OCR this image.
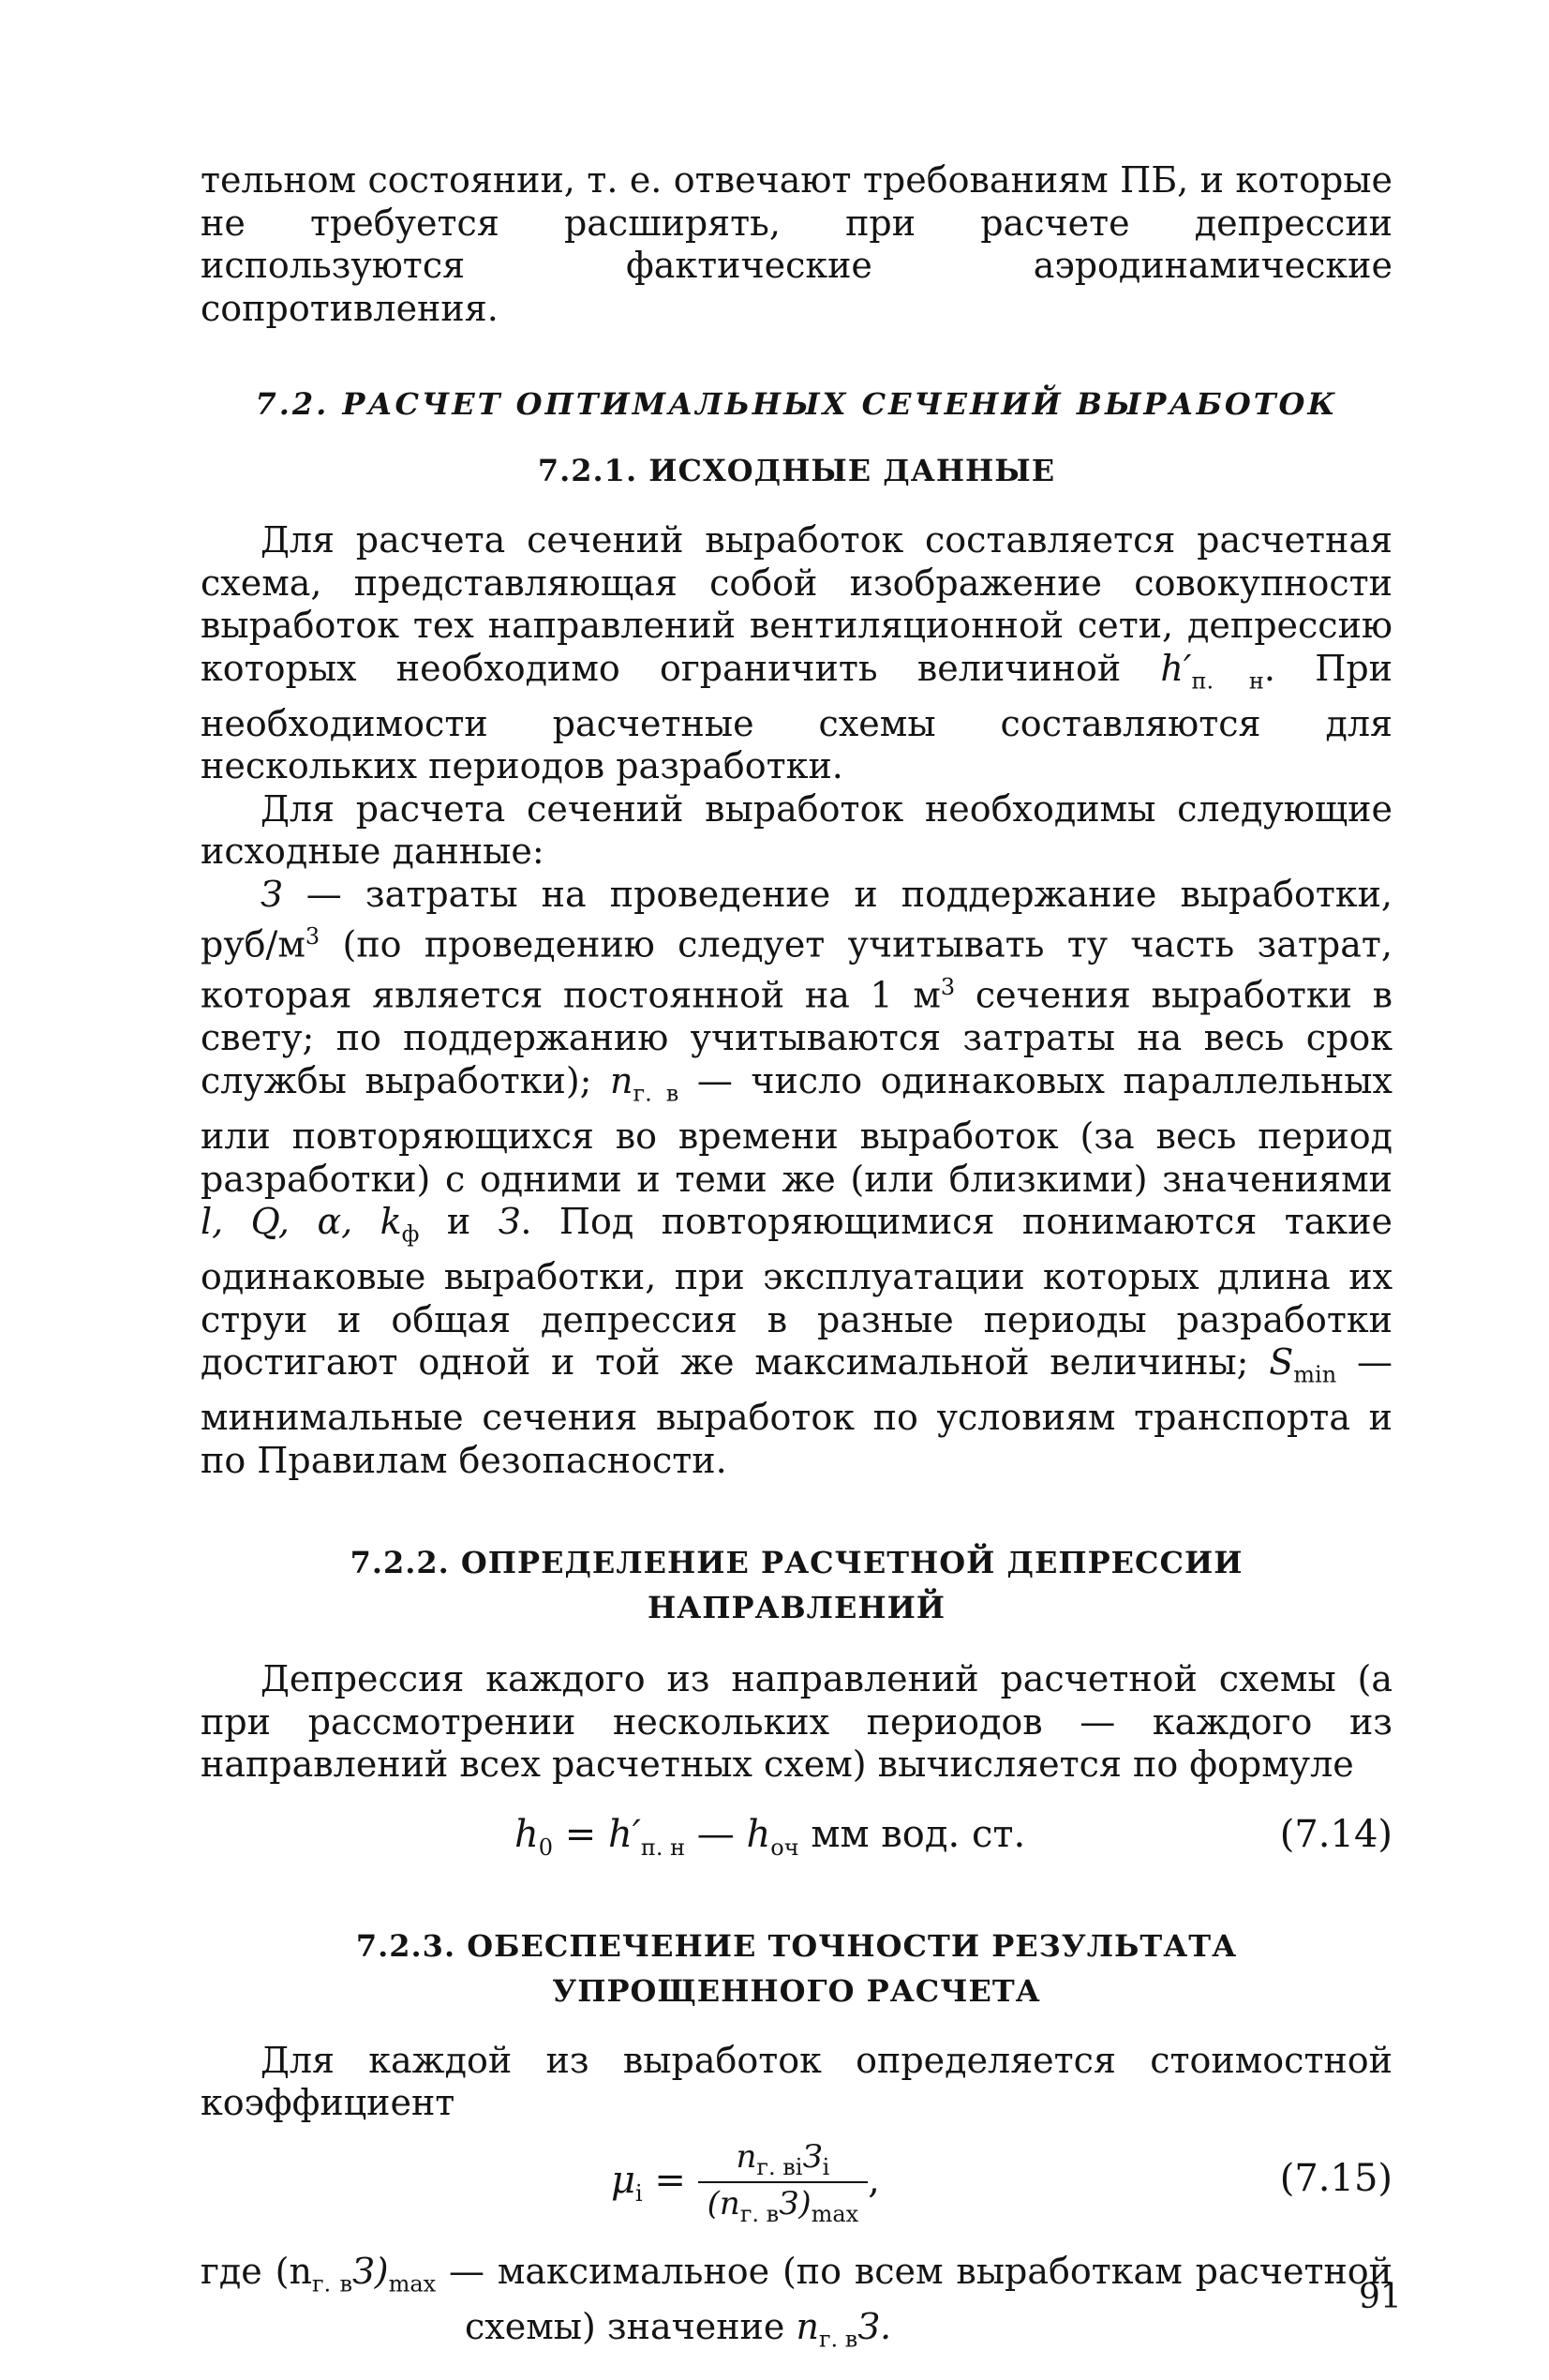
тельном состоянии, т. е. отвечают требованиям ПБ, и которые не требуется расширять, при расчете депрессии используются фактические аэродинамические сопротивления.

7.2. РАСЧЕТ ОПТИМАЛЬНЫХ СЕЧЕНИЙ ВЫРАБОТОК
7.2.1. ИСХОДНЫЕ ДАННЫЕ

Для расчета сечений выработок составляется расчетная схема, представляющая собой изображение совокупности выработок тех направлений вентиляционной сети, депрессию которых необходимо ограничить величиной $h'_{п. н}$. При необходимости расчетные схемы составляются для нескольких периодов разработки.

Для расчета сечений выработок необходимы следующие исходные данные:

З — затраты на проведение и поддержание выработки, руб/$м^3$ (по проведению следует учитывать ту часть затрат, которая является постоянной на 1 $м^3$ сечения выработки в свету; по поддержанию учитываются затраты на весь срок службы выработки); $n_{г. в}$ — число одинаковых параллельных или повторяющихся во времени выработок (за весь период разработки) с одними и теми же (или близкими) значениями l, Q, α, $k_ф$ и З. Под повторяющимися понимаются такие одинаковые выработки, при эксплуатации которых длина их струи и общая депрессия в разные периоды разработки достигают одной и той же максимальной величины; $S_{min}$ — минимальные сечения выработок по условиям транспорта и по Правилам безопасности.

7.2.2. ОПРЕДЕЛЕНИЕ РАСЧЕТНОЙ ДЕПРЕССИИ НАПРАВЛЕНИЙ

Депрессия каждого из направлений расчетной схемы (а при рассмотрении нескольких периодов — каждого из направлений всех расчетных схем) вычисляется по формуле

$h_0 = h'_{п. н}$ — $h_{оч}$ мм вод. ст.	(7.14)
7.2.3. ОБЕСПЕЧЕНИЕ ТОЧНОСТИ РЕЗУЛЬТАТА
УПРОЩЕННОГО РАСЧЕТА

Для каждой из выработок определяется стоимостной коэффициент

$\mu_i = \frac{n_{г. вi}З_i}{(n_{г. в}З)_{max}}$ ,	(7.15)

где $(n_{г. в}З)_{max}$ — максимальное (по всем выработкам расчетной схемы) значение $n_{г. в}З$.

91
